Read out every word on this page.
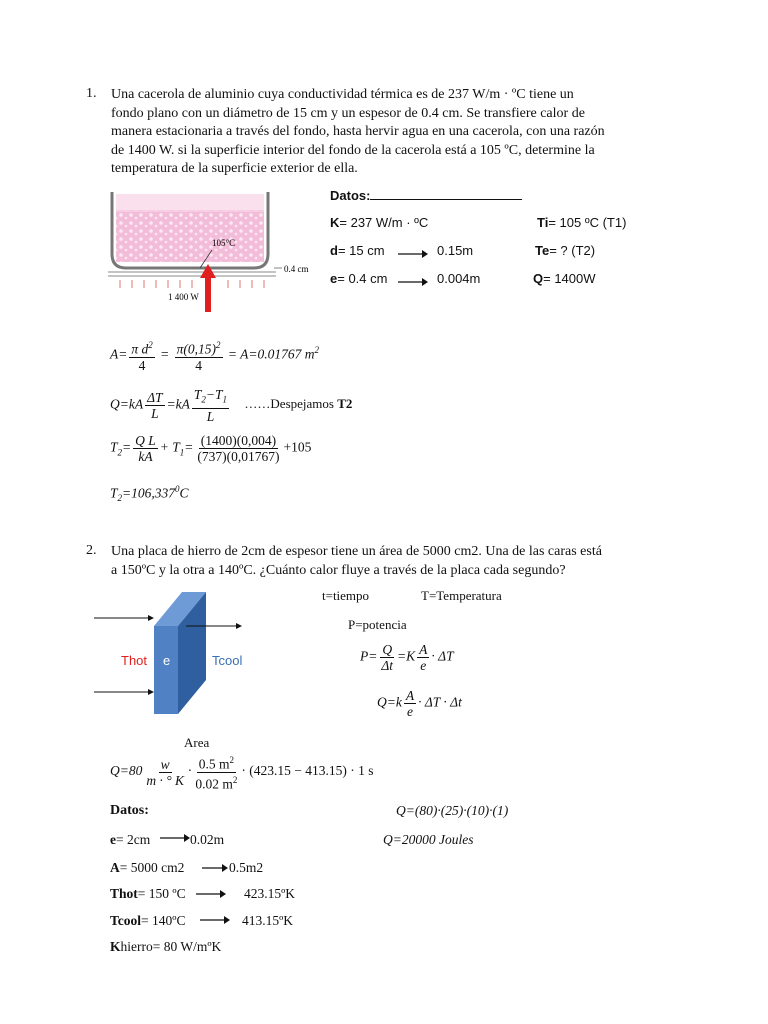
1. Una cacerola de aluminio cuya conductividad térmica es de 237 W/m · ºC tiene un
fondo plano con un diámetro de 15 cm y un espesor de 0.4 cm. Se transfiere calor de
manera estacionaria a través del fondo, hasta hervir agua en una cacerola, con una razón
de 1400 W. si la superficie interior del fondo de la cacerola está a 105 ºC, determine la
temperatura de la superficie exterior de ella.
105°C
0.4 cm
1 400 W
Datos:
K= 237 W/m · ºC	Ti= 105 ºC (T1)
d= 15 cm	0.15m	Te= ? (T2)
e= 0.4 cm	0.004m	Q= 1400W
$A= \frac{\pi d^2}{4} = \frac{\pi(0,15)^2}{4} = A=0.01767$ $m^2$
$Q=kA \frac{\Delta T}{L} =kA \frac{T_2-T_1}{L}$ ……Despejamos T2
$T_2= \frac{\text{Q L}}{kA} + T_1= \frac{(1400)(0,004)}{(737)(0,01767)} +105$
$T_2=106,337^0C$
2. Una placa de hierro de 2cm de espesor tiene un área de 5000 cm2. Una de las caras está
a 150ºC y la otra a 140ºC. ¿Cuánto calor fluye a través de la placa cada segundo?
Thot e	Tcool
t=tiempo	T=Temperatura
P=potencia
$P= \frac{Q}{\Delta t} =K \frac{A}{e} \cdot \Delta T$
$Q=k \frac{A}{e} \cdot \Delta T \cdot \Delta t$
Area
$Q=80 \frac{w}{m \cdot ^\circ K} \cdot \frac{0.5 m^2}{0.02 m^2} \cdot (423.15 - 413.15) \cdot 1$ s
Datos:	Q=(80)·(25)·(10)·(1)
e= 2cm	0.02m	Q=20000 Joules
A= 5000 cm2	0.5m2
Thot= 150 ºC	423.15ºK
Tcool= 140ºC	413.15ºK
Khierro= 80 W/mºK
